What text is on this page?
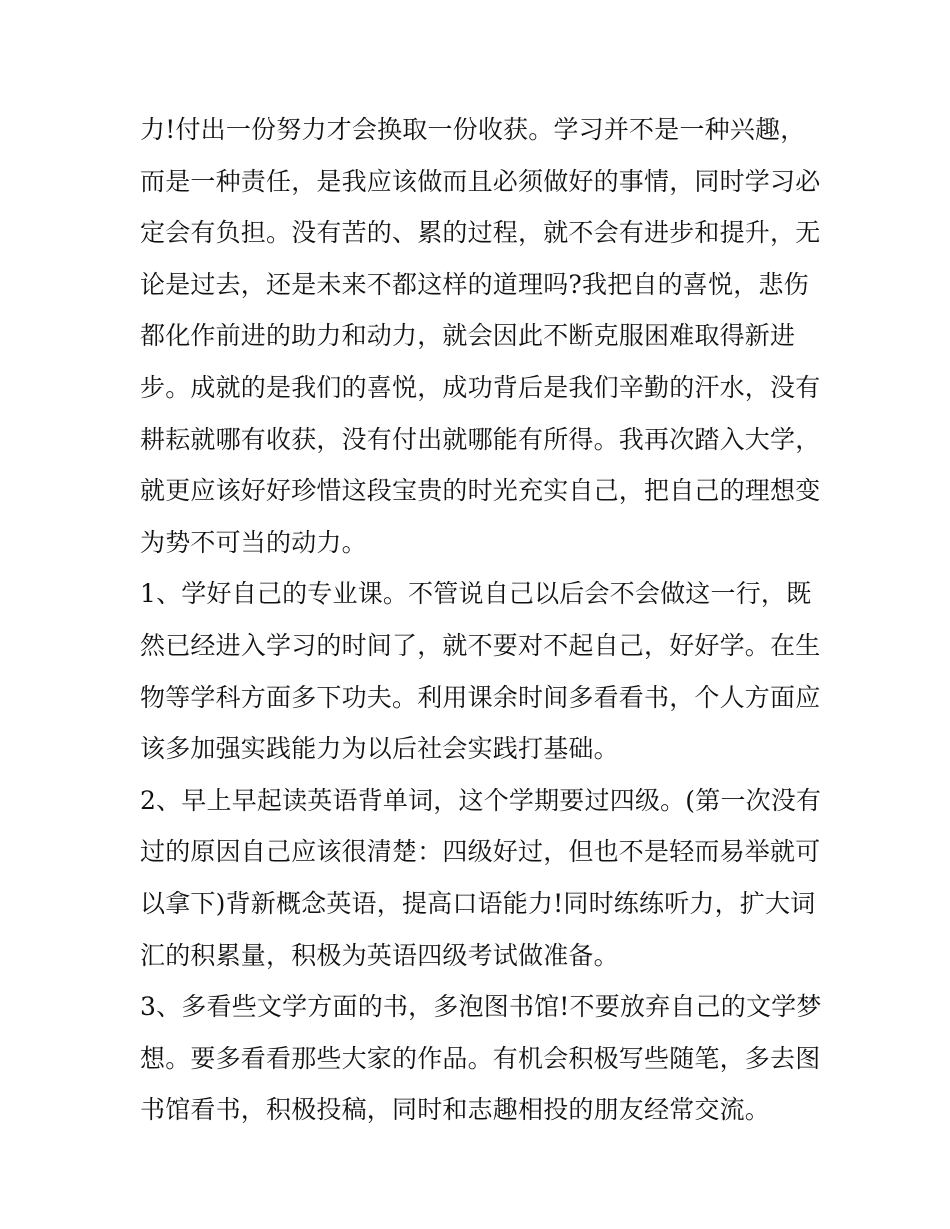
力!付出一份努力才会换取一份收获。学习并不是一种兴趣，
而是一种责任，是我应该做而且必须做好的事情，同时学习必
定会有负担。没有苦的、累的过程，就不会有进步和提升，无
论是过去，还是未来不都这样的道理吗?我把自的喜悦，悲伤
都化作前进的助力和动力，就会因此不断克服困难取得新进
步。成就的是我们的喜悦，成功背后是我们辛勤的汗水，没有
耕耘就哪有收获，没有付出就哪能有所得。我再次踏入大学，
就更应该好好珍惜这段宝贵的时光充实自己，把自己的理想变
为势不可当的动力。
1、学好自己的专业课。不管说自己以后会不会做这一行，既
然已经进入学习的时间了，就不要对不起自己，好好学。在生
物等学科方面多下功夫。利用课余时间多看看书，个人方面应
该多加强实践能力为以后社会实践打基础。
2、早上早起读英语背单词，这个学期要过四级。(第一次没有
过的原因自己应该很清楚：四级好过，但也不是轻而易举就可
以拿下)背新概念英语，提高口语能力!同时练练听力，扩大词
汇的积累量，积极为英语四级考试做准备。
3、多看些文学方面的书，多泡图书馆!不要放弃自己的文学梦
想。要多看看那些大家的作品。有机会积极写些随笔，多去图
书馆看书，积极投稿，同时和志趣相投的朋友经常交流。
